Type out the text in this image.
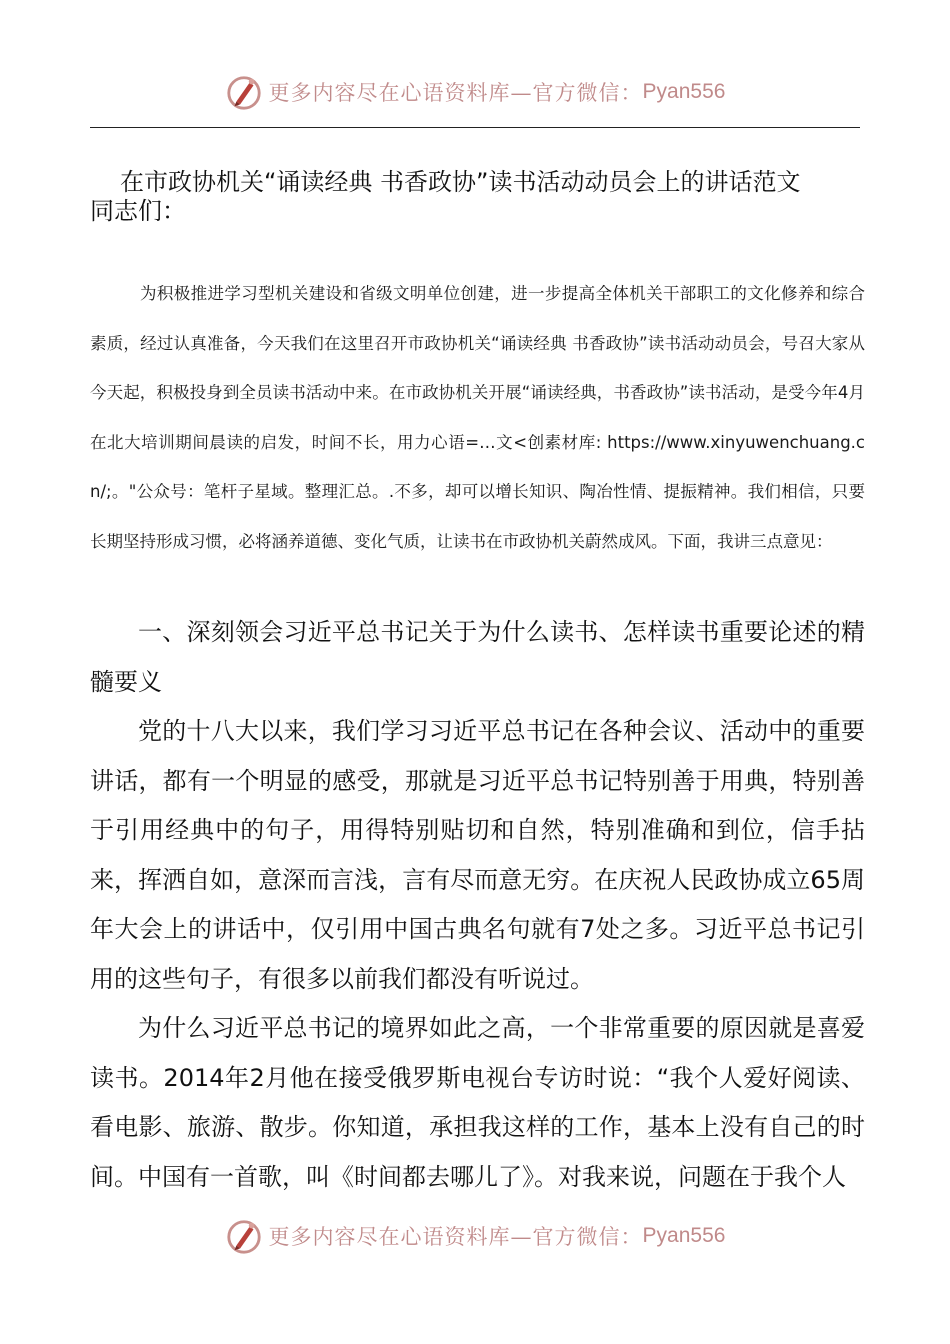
更多内容尽在心语资料库—官方微信： Pyan556
在市政协机关“诵读经典 书香政协”读书活动动员会上的讲话范文
同志们：

为积极推进学习型机关建设和省级文明单位创建，进一步提高全体机关干部职工的文化修养和综合素质，经过认真准备，今天我们在这里召开市政协机关“诵读经典 书香政协”读书活动动员会，号召大家从今天起，积极投身到全员读书活动中来。在市政协机关开展“诵读经典，书香政协”读书活动，是受今年4月在北大培训期间晨读的启发，时间不长，用力心语=…文<创素材库: https://www.xinyuwenchuang.cn/;。"公众号：笔杆子星域。整理汇总。.不多，却可以增长知识、陶冶性情、提振精神。我们相信，只要长期坚持形成习惯，必将涵养道德、变化气质，让读书在市政协机关蔚然成风。下面，我讲三点意见：

一、深刻领会习近平总书记关于为什么读书、怎样读书重要论述的精髓要义

党的十八大以来，我们学习习近平总书记在各种会议、活动中的重要讲话，都有一个明显的感受，那就是习近平总书记特别善于用典，特别善于引用经典中的句子，用得特别贴切和自然，特别准确和到位，信手拈来，挥洒自如，意深而言浅，言有尽而意无穷。在庆祝人民政协成立65周年大会上的讲话中，仅引用中国古典名句就有7处之多。习近平总书记引用的这些句子，有很多以前我们都没有听说过。

为什么习近平总书记的境界如此之高，一个非常重要的原因就是喜爱读书。2014年2月他在接受俄罗斯电视台专访时说：“我个人爱好阅读、看电影、旅游、散步。你知道，承担我这样的工作，基本上没有自己的时间。中国有一首歌，叫《时间都去哪儿了》。对我来说，问题在于我个人

更多内容尽在心语资料库—官方微信： Pyan556
